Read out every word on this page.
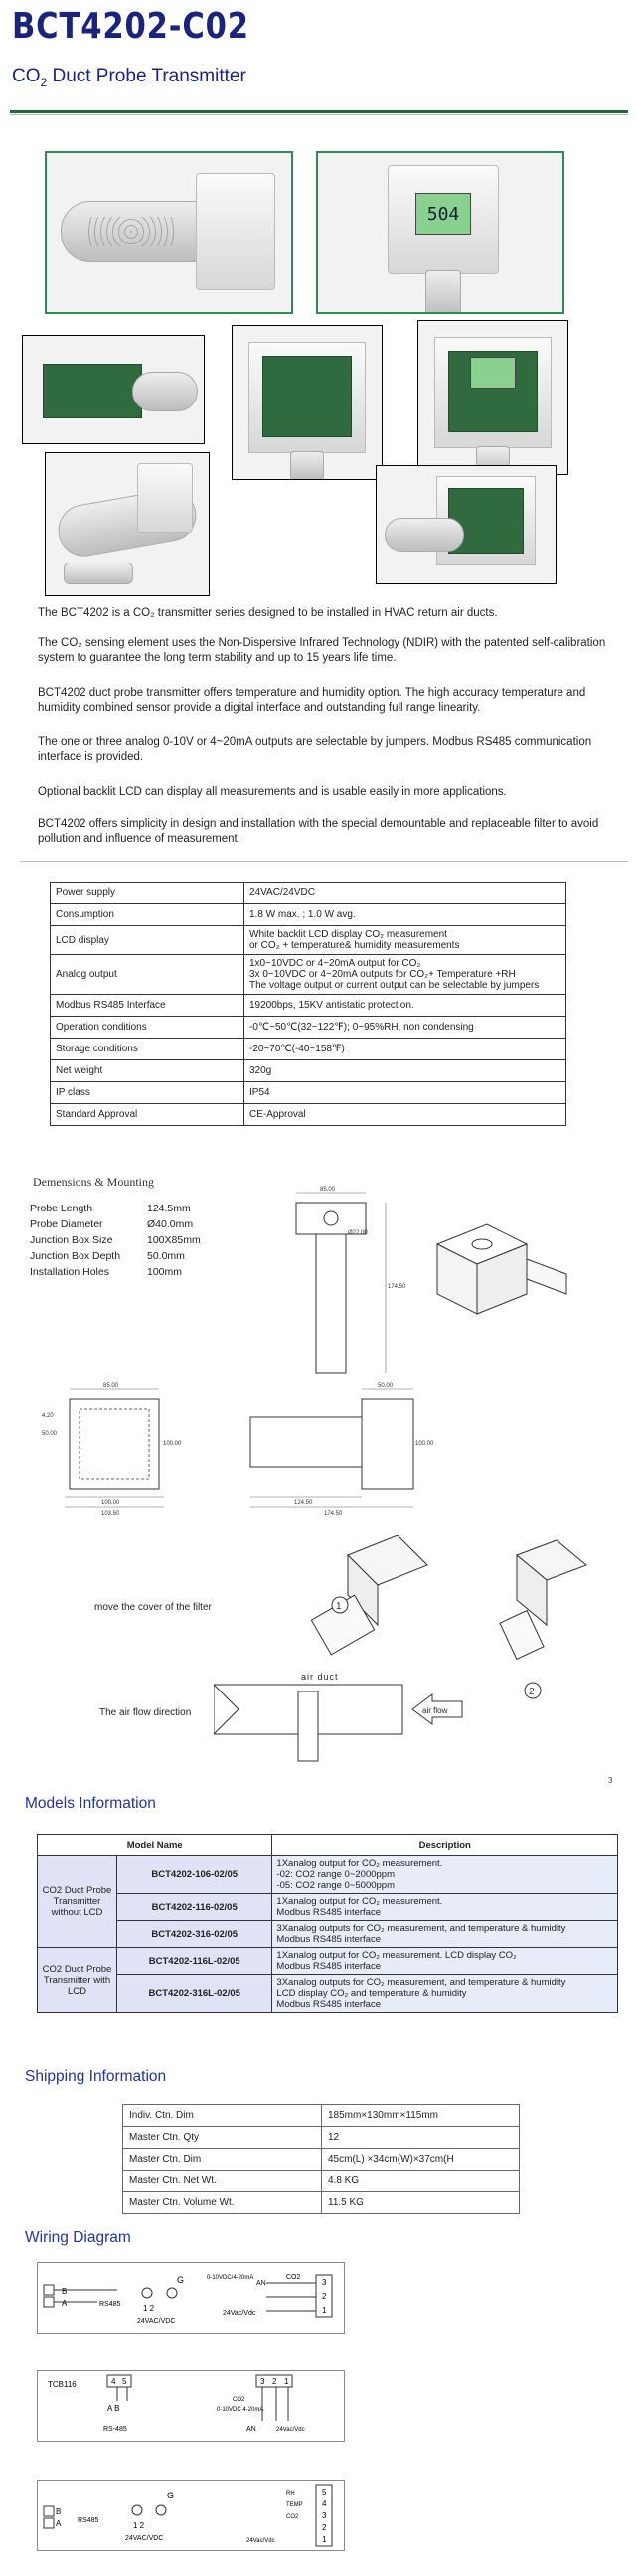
BCT4202-C02
$CO_2$ Duct Probe Transmitter
504
The BCT4202 is a CO₂ transmitter series designed to be installed in HVAC return air ducts.
The CO₂ sensing element uses the Non-Dispersive Infrared Technology (NDIR) with the patented self-calibration system to guarantee the long term stability and up to 15 years life time.
BCT4202 duct probe transmitter offers temperature and humidity option. The high accuracy temperature and humidity combined sensor provide a digital interface and outstanding full range linearity.
The one or three analog 0-10V or 4~20mA outputs are selectable by jumpers. Modbus RS485 communication interface is provided.
Optional backlit LCD can display all measurements and is usable easily in more applications.
BCT4202 offers simplicity in design and installation with the special demountable and replaceable filter to avoid pollution and influence of measurement.
Power supply	24VAC/24VDC

Consumption	1.8 W max. ; 1.0 W avg.

LCD display	White backlit LCD display CO₂ measurement
or CO₂ + temperature& humidity measurements

Analog output	1x0~10VDC or 4~20mA output for CO₂
3x 0~10VDC or 4~20mA outputs for CO₂+ Temperature +RH
The voltage output or current output can be selectable by jumpers

Modbus RS485 Interface	19200bps, 15KV antistatic protection.

Operation conditions	-0℃~50℃(32~122℉); 0~95%RH, non condensing

Storage conditions	-20~70℃(-40~158℉)

Net weight	320g

IP class	IP54

Standard Approval	CE-Approval
Demensions & Mounting
Probe Length	124.5mm
Probe Diameter	Ø40.0mm
Junction Box Size	100X85mm
Junction Box Depth	50.0mm
Installation Holes	100mm
85.00
Ø22.00
174.50
85.00
100.00
100.00
103.50
4.20
50.00
50.00
100.00
124.50
174.50
1
2
move the cover of the filter
air duct
air flow
The air flow direction
3
Models Information
Model Name		Description
CO2 Duct Probe Transmitter without LCD	BCT4202-106-02/05	1Xanalog output for CO₂ measurement.
-02: CO2 range 0~2000ppm
-05: CO2 range 0~5000ppm

	BCT4202-116-02/05	1Xanalog output for CO₂ measurement.
Modbus RS485 interface

	BCT4202-316-02/05	3Xanalog outputs for CO₂ measurement, and temperature & humidity
Modbus RS485 interface

CO2 Duct Probe Transmitter with LCD	BCT4202-116L-02/05	1Xanalog output for CO₂ measurement. LCD display CO₂
Modbus RS485 interface

	BCT4202-316L-02/05	3Xanalog outputs for CO₂ measurement, and temperature & humidity
LCD display CO₂ and temperature & humidity
Modbus RS485 interface
Shipping Information
Indiv. Ctn. Dim	185mm×130mm×115mm
Master Ctn. Qty	12
Master Ctn. Dim	45cm(L) ×34cm(W)×37cm(H
Master Ctn. Net Wt.	4.8 KG
Master Ctn. Volume Wt.	11.5 KG
Wiring Diagram
B
A	RS485
G
1 2
24VAC/VDC
0-10VDC/4-20mA
AN
CO2
24Vac/Vdc
3
2
1
TCB116	4 5
A B
RS-485
3 2 1
CO2
0-10VDC 4-20mA
AN	24Vac/Vdc
B
A RS485
G
1 2
24VAC/VDC
RH
TEMP
CO2
24Vac/Vdc
5
4
3
2
1
